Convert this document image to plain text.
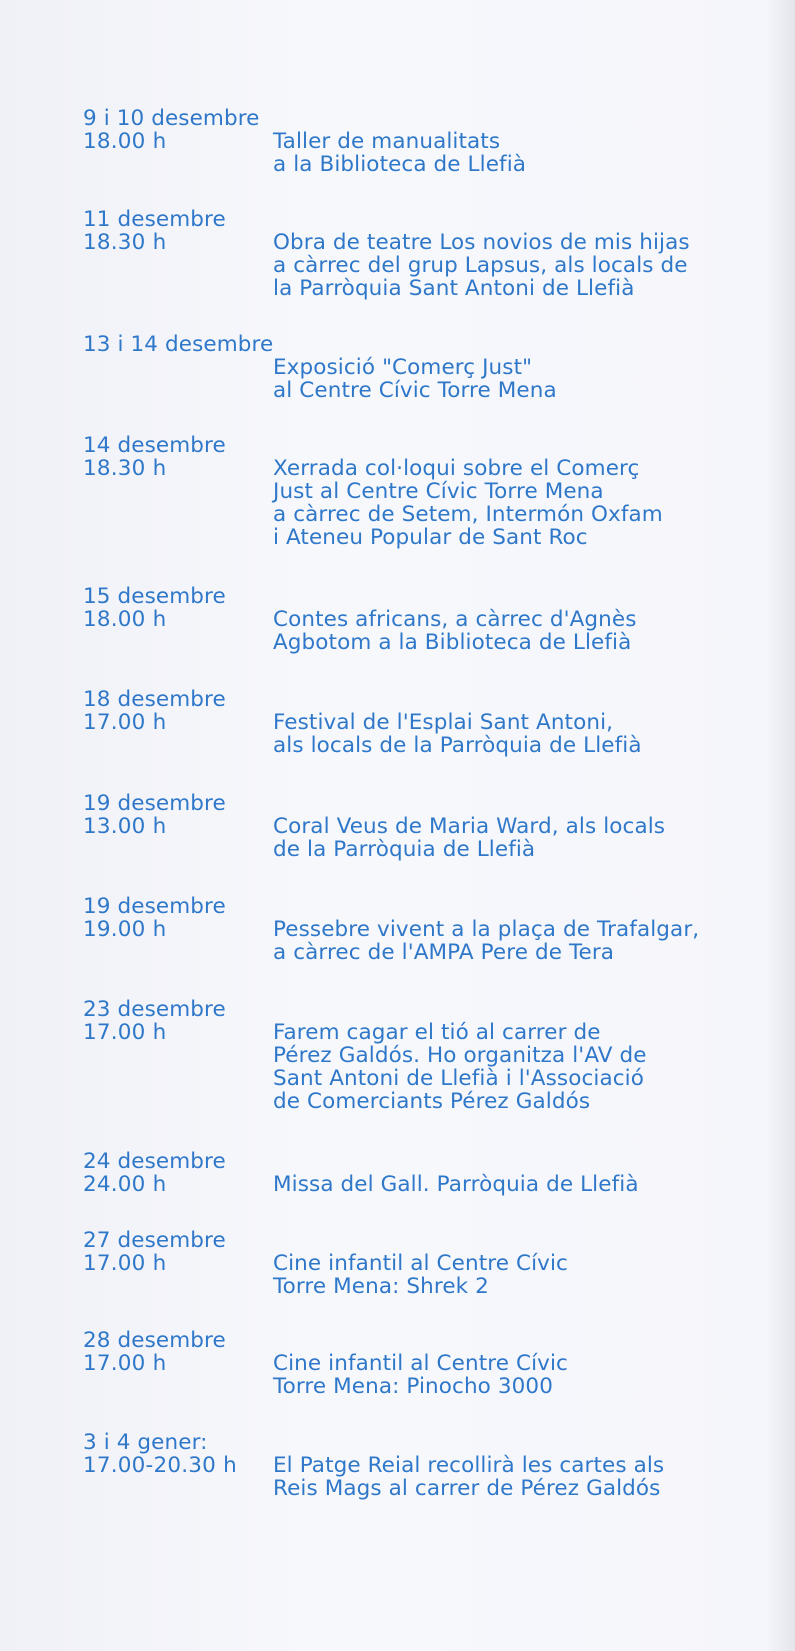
9 i 10 desembre
18.00 h	Taller de manualitats
a la Biblioteca de Llefià
11 desembre
18.30 h	Obra de teatre Los novios de mis hijas
a càrrec del grup Lapsus, als locals de
la Parròquia Sant Antoni de Llefià
13 i 14 desembre
Exposició "Comerç Just"
al Centre Cívic Torre Mena
14 desembre
18.30 h	Xerrada col·loqui sobre el Comerç
Just al Centre Cívic Torre Mena
a càrrec de Setem, Intermón Oxfam
i Ateneu Popular de Sant Roc
15 desembre
18.00 h	Contes africans, a càrrec d'Agnès
Agbotom a la Biblioteca de Llefià
18 desembre
17.00 h	Festival de l'Esplai Sant Antoni,
als locals de la Parròquia de Llefià
19 desembre
13.00 h	Coral Veus de Maria Ward, als locals
de la Parròquia de Llefià
19 desembre
19.00 h	Pessebre vivent a la plaça de Trafalgar,
a càrrec de l'AMPA Pere de Tera
23 desembre
17.00 h	Farem cagar el tió al carrer de
Pérez Galdós. Ho organitza l'AV de
Sant Antoni de Llefià i l'Associació
de Comerciants Pérez Galdós
24 desembre
24.00 h	Missa del Gall. Parròquia de Llefià
27 desembre
17.00 h	Cine infantil al Centre Cívic
Torre Mena: Shrek 2
28 desembre
17.00 h	Cine infantil al Centre Cívic
Torre Mena: Pinocho 3000
3 i 4 gener:
17.00-20.30 h El Patge Reial recollirà les cartes als
Reis Mags al carrer de Pérez Galdós
